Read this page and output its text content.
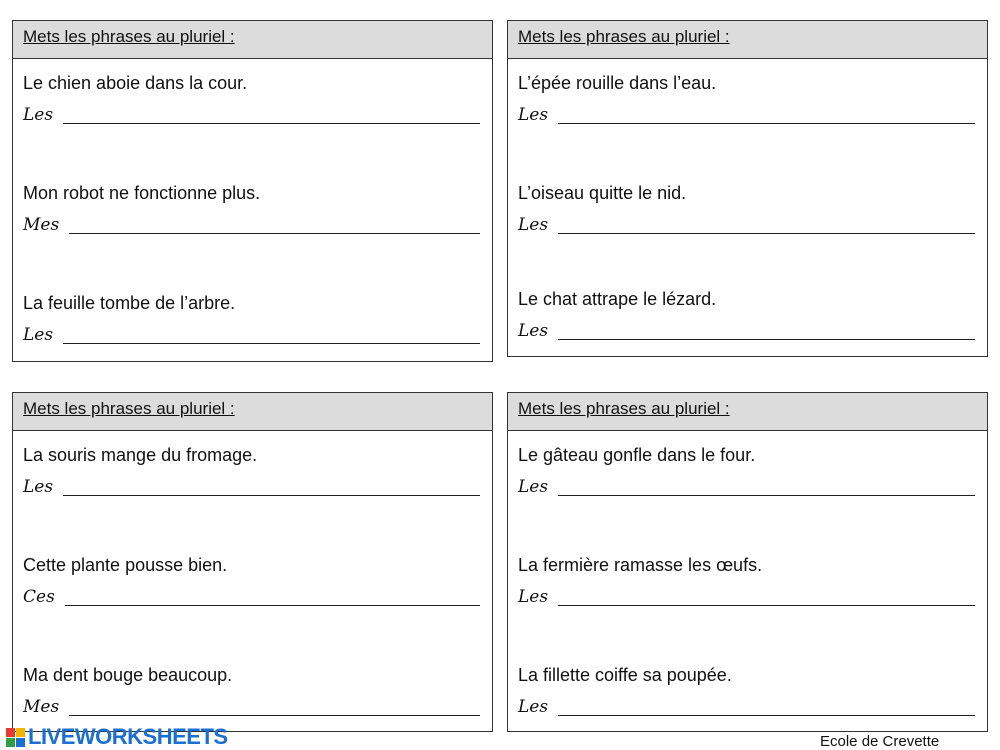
Mets les phrases au pluriel :
Le chien aboie dans la cour.
Les
Mon robot ne fonctionne plus.
Mes
La feuille tombe de l’arbre.
Les
Mets les phrases au pluriel :
L’épée rouille dans l’eau.
Les
L’oiseau quitte le nid.
Les
Le chat attrape le lézard.
Les
Mets les phrases au pluriel :
La souris mange du fromage.
Les
Cette plante pousse bien.
Ces
Ma dent bouge beaucoup.
Mes
Mets les phrases au pluriel :
Le gâteau gonfle dans le four.
Les
La fermière ramasse les œufs.
Les
La fillette coiffe sa poupée.
Les
LIVEWORKSHEETS	Ecole de Crevette
